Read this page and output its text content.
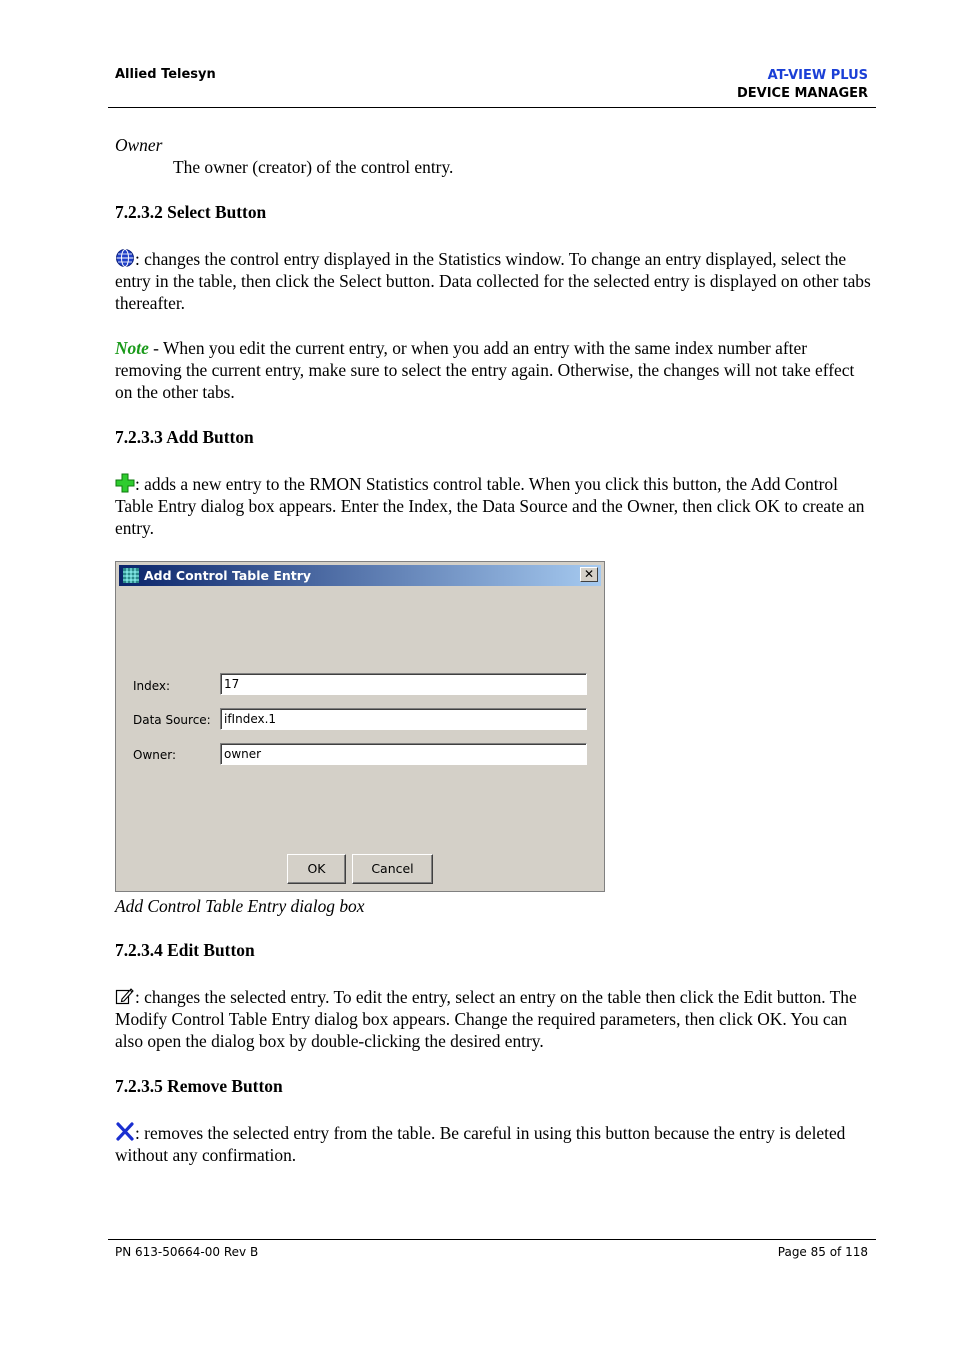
Allied Telesyn	AT-VIEW PLUS
DEVICE MANAGER
Owner
The owner (creator) of the control entry.
7.2.3.2 Select Button
: changes the control entry displayed in the Statistics window. To change an entry displayed, select the entry in the table, then click the Select button. Data collected for the selected entry is displayed on other tabs thereafter.
Note - When you edit the current entry, or when you add an entry with the same index number after removing the current entry, make sure to select the entry again. Otherwise, the changes will not take effect on the other tabs.
7.2.3.3 Add Button
: adds a new entry to the RMON Statistics control table. When you click this button, the Add Control Table Entry dialog box appears. Enter the Index, the Data Source and the Owner, then click OK to create an entry.
Add Control Table Entry	✕
Index:	17
Data Source:	ifIndex.1
Owner:	owner
OK	Cancel
Add Control Table Entry dialog box
7.2.3.4 Edit Button
: changes the selected entry. To edit the entry, select an entry on the table then click the Edit button. The Modify Control Table Entry dialog box appears. Change the required parameters, then click OK. You can also open the dialog box by double-clicking the desired entry.
7.2.3.5 Remove Button
: removes the selected entry from the table. Be careful in using this button because the entry is deleted without any confirmation.
PN 613-50664-00 Rev B	Page 85 of 118
